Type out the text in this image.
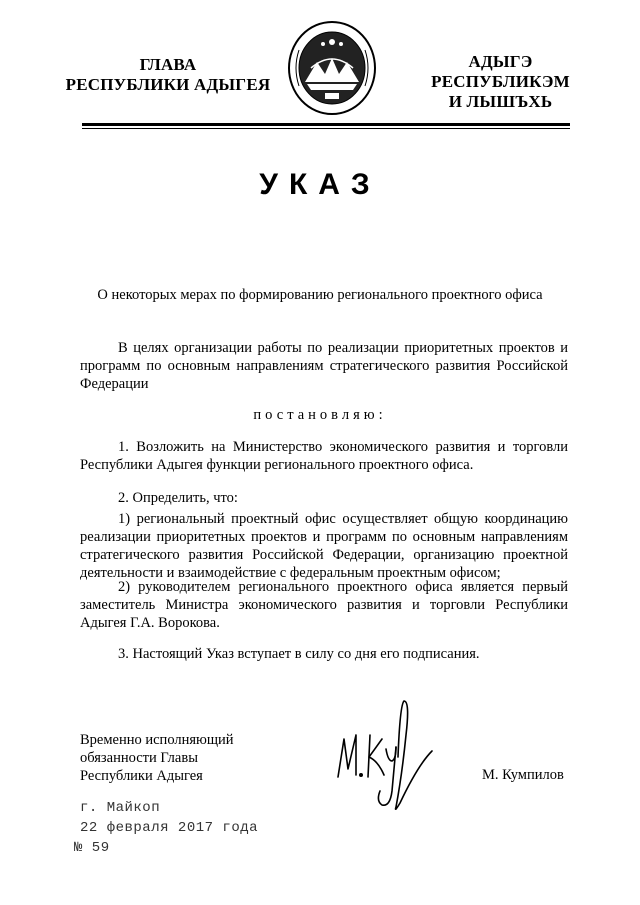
ГЛАВА
РЕСПУБЛИКИ АДЫГЕЯ
АДЫГЭ РЕСПУБЛИКЭМ
И ЛЫШЪХЬ
УКАЗ
О некоторых мерах по формированию регионального проектного офиса
В целях организации работы по реализации приоритетных проектов и
программ по основным направлениям стратегического развития Российской
Федерации
постановляю:
1. Возложить на Министерство экономического развития и торговли
Республики Адыгея функции регионального проектного офиса.
2. Определить, что:
1) региональный проектный офис осуществляет общую координацию
реализации приоритетных проектов и программ по основным направлениям
стратегического развития Российской Федерации, организацию проектной
деятельности и взаимодействие с федеральным проектным офисом;
2) руководителем регионального проектного офиса является первый
заместитель Министра экономического развития и торговли Республики
Адыгея Г.А. Ворокова.
3. Настоящий Указ вступает в силу со дня его подписания.
Временно исполняющий
обязанности Главы
Республики Адыгея	М. Кумпилов
г. Майкоп
22 февраля 2017 года
№ 59
